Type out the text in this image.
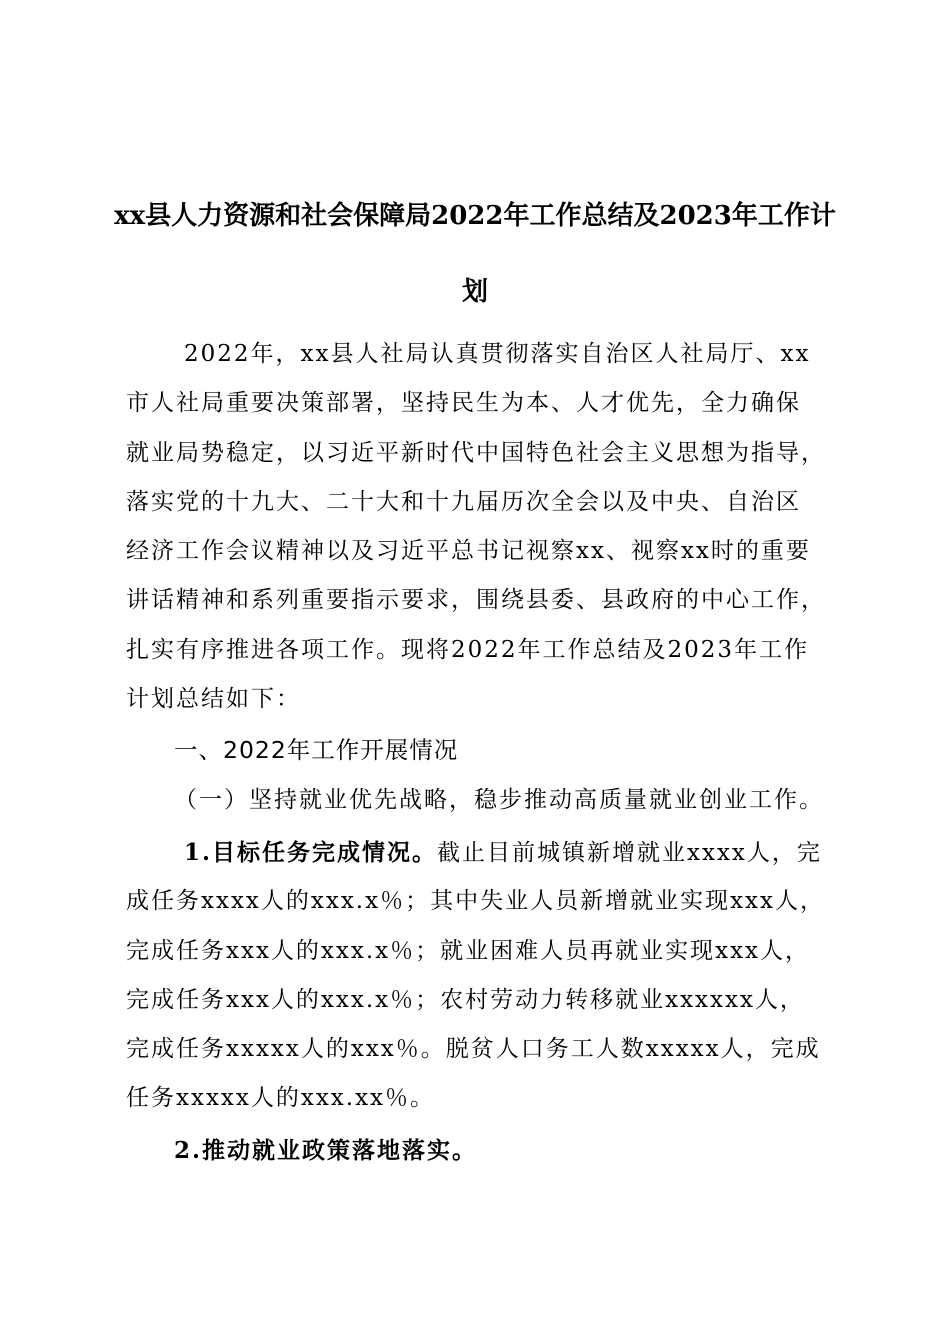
xx县人力资源和社会保障局2022年工作总结及2023年工作计
划
2022年，xx县人社局认真贯彻落实自治区人社局厅、xx
市人社局重要决策部署，坚持民生为本、人才优先，全力确保
就业局势稳定，以习近平新时代中国特色社会主义思想为指导，
落实党的十九大、二十大和十九届历次全会以及中央、自治区
经济工作会议精神以及习近平总书记视察xx、视察xx时的重要
讲话精神和系列重要指示要求，围绕县委、县政府的中心工作，
扎实有序推进各项工作。现将2022年工作总结及2023年工作
计划总结如下：
一、2022年工作开展情况
（一）坚持就业优先战略，稳步推动高质量就业创业工作。
1.目标任务完成情况。截止目前城镇新增就业xxxx人，完
成任务xxxx人的xxx.x％；其中失业人员新增就业实现xxx人，
完成任务xxx人的xxx.x％；就业困难人员再就业实现xxx人，
完成任务xxx人的xxx.x％；农村劳动力转移就业xxxxxx人，
完成任务xxxxx人的xxx％。脱贫人口务工人数xxxxx人，完成
任务xxxxx人的xxx.xx％。
2.推动就业政策落地落实。
